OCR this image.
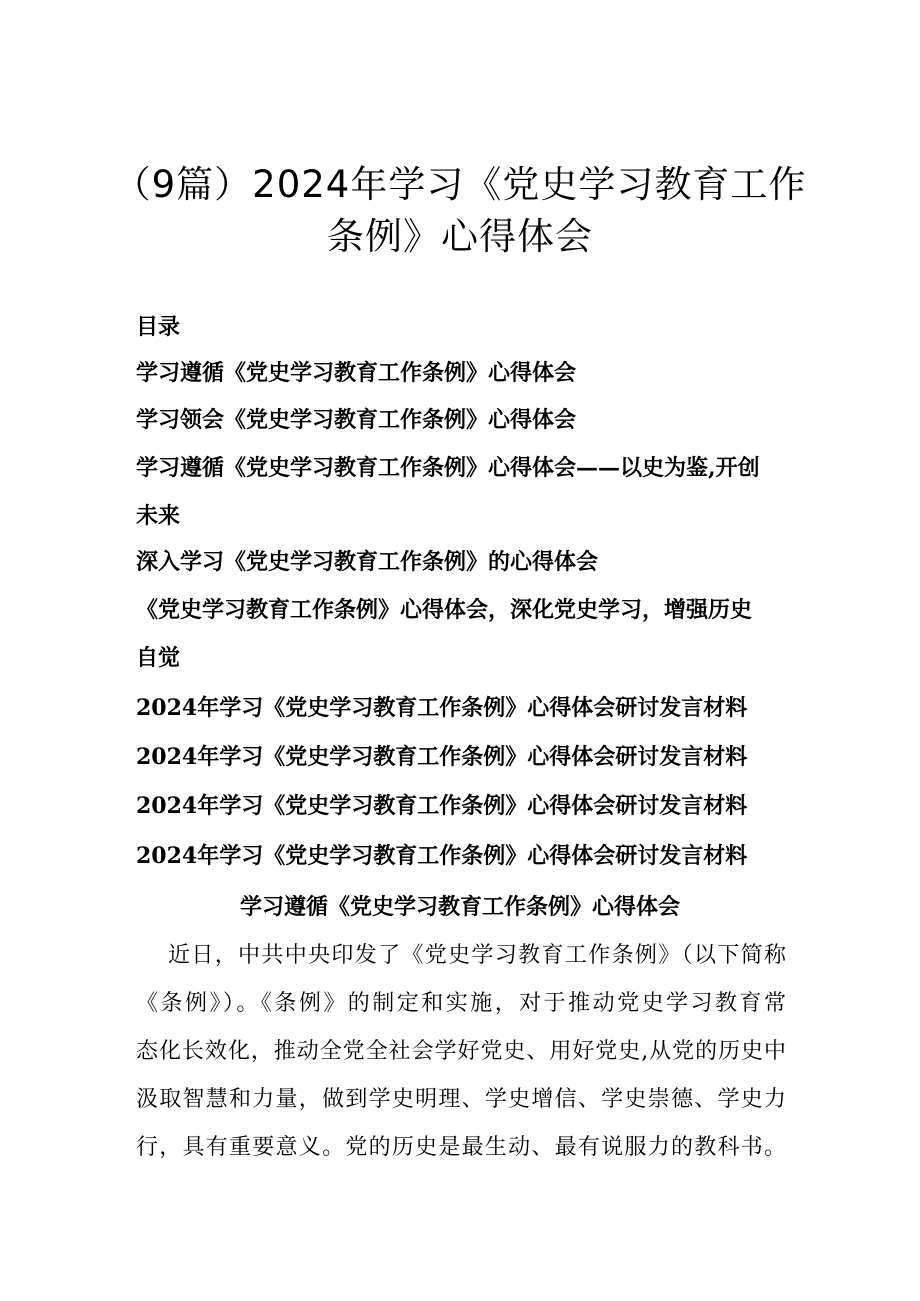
（9篇）2024年学习《党史学习教育工作
条例》心得体会
目录
学习遵循《党史学习教育工作条例》心得体会
学习领会《党史学习教育工作条例》心得体会
学习遵循《党史学习教育工作条例》心得体会——以史为鉴,开创
未来
深入学习《党史学习教育工作条例》的心得体会
《党史学习教育工作条例》心得体会，深化党史学习，增强历史
自觉
2024年学习《党史学习教育工作条例》心得体会研讨发言材料
2024年学习《党史学习教育工作条例》心得体会研讨发言材料
2024年学习《党史学习教育工作条例》心得体会研讨发言材料
2024年学习《党史学习教育工作条例》心得体会研讨发言材料
学习遵循《党史学习教育工作条例》心得体会
近日，中共中央印发了《党史学习教育工作条例》（以下简称
《条例》）。《条例》的制定和实施，对于推动党史学习教育常
态化长效化，推动全党全社会学好党史、用好党史,从党的历史中
汲取智慧和力量，做到学史明理、学史增信、学史崇德、学史力
行，具有重要意义。党的历史是最生动、最有说服力的教科书。
